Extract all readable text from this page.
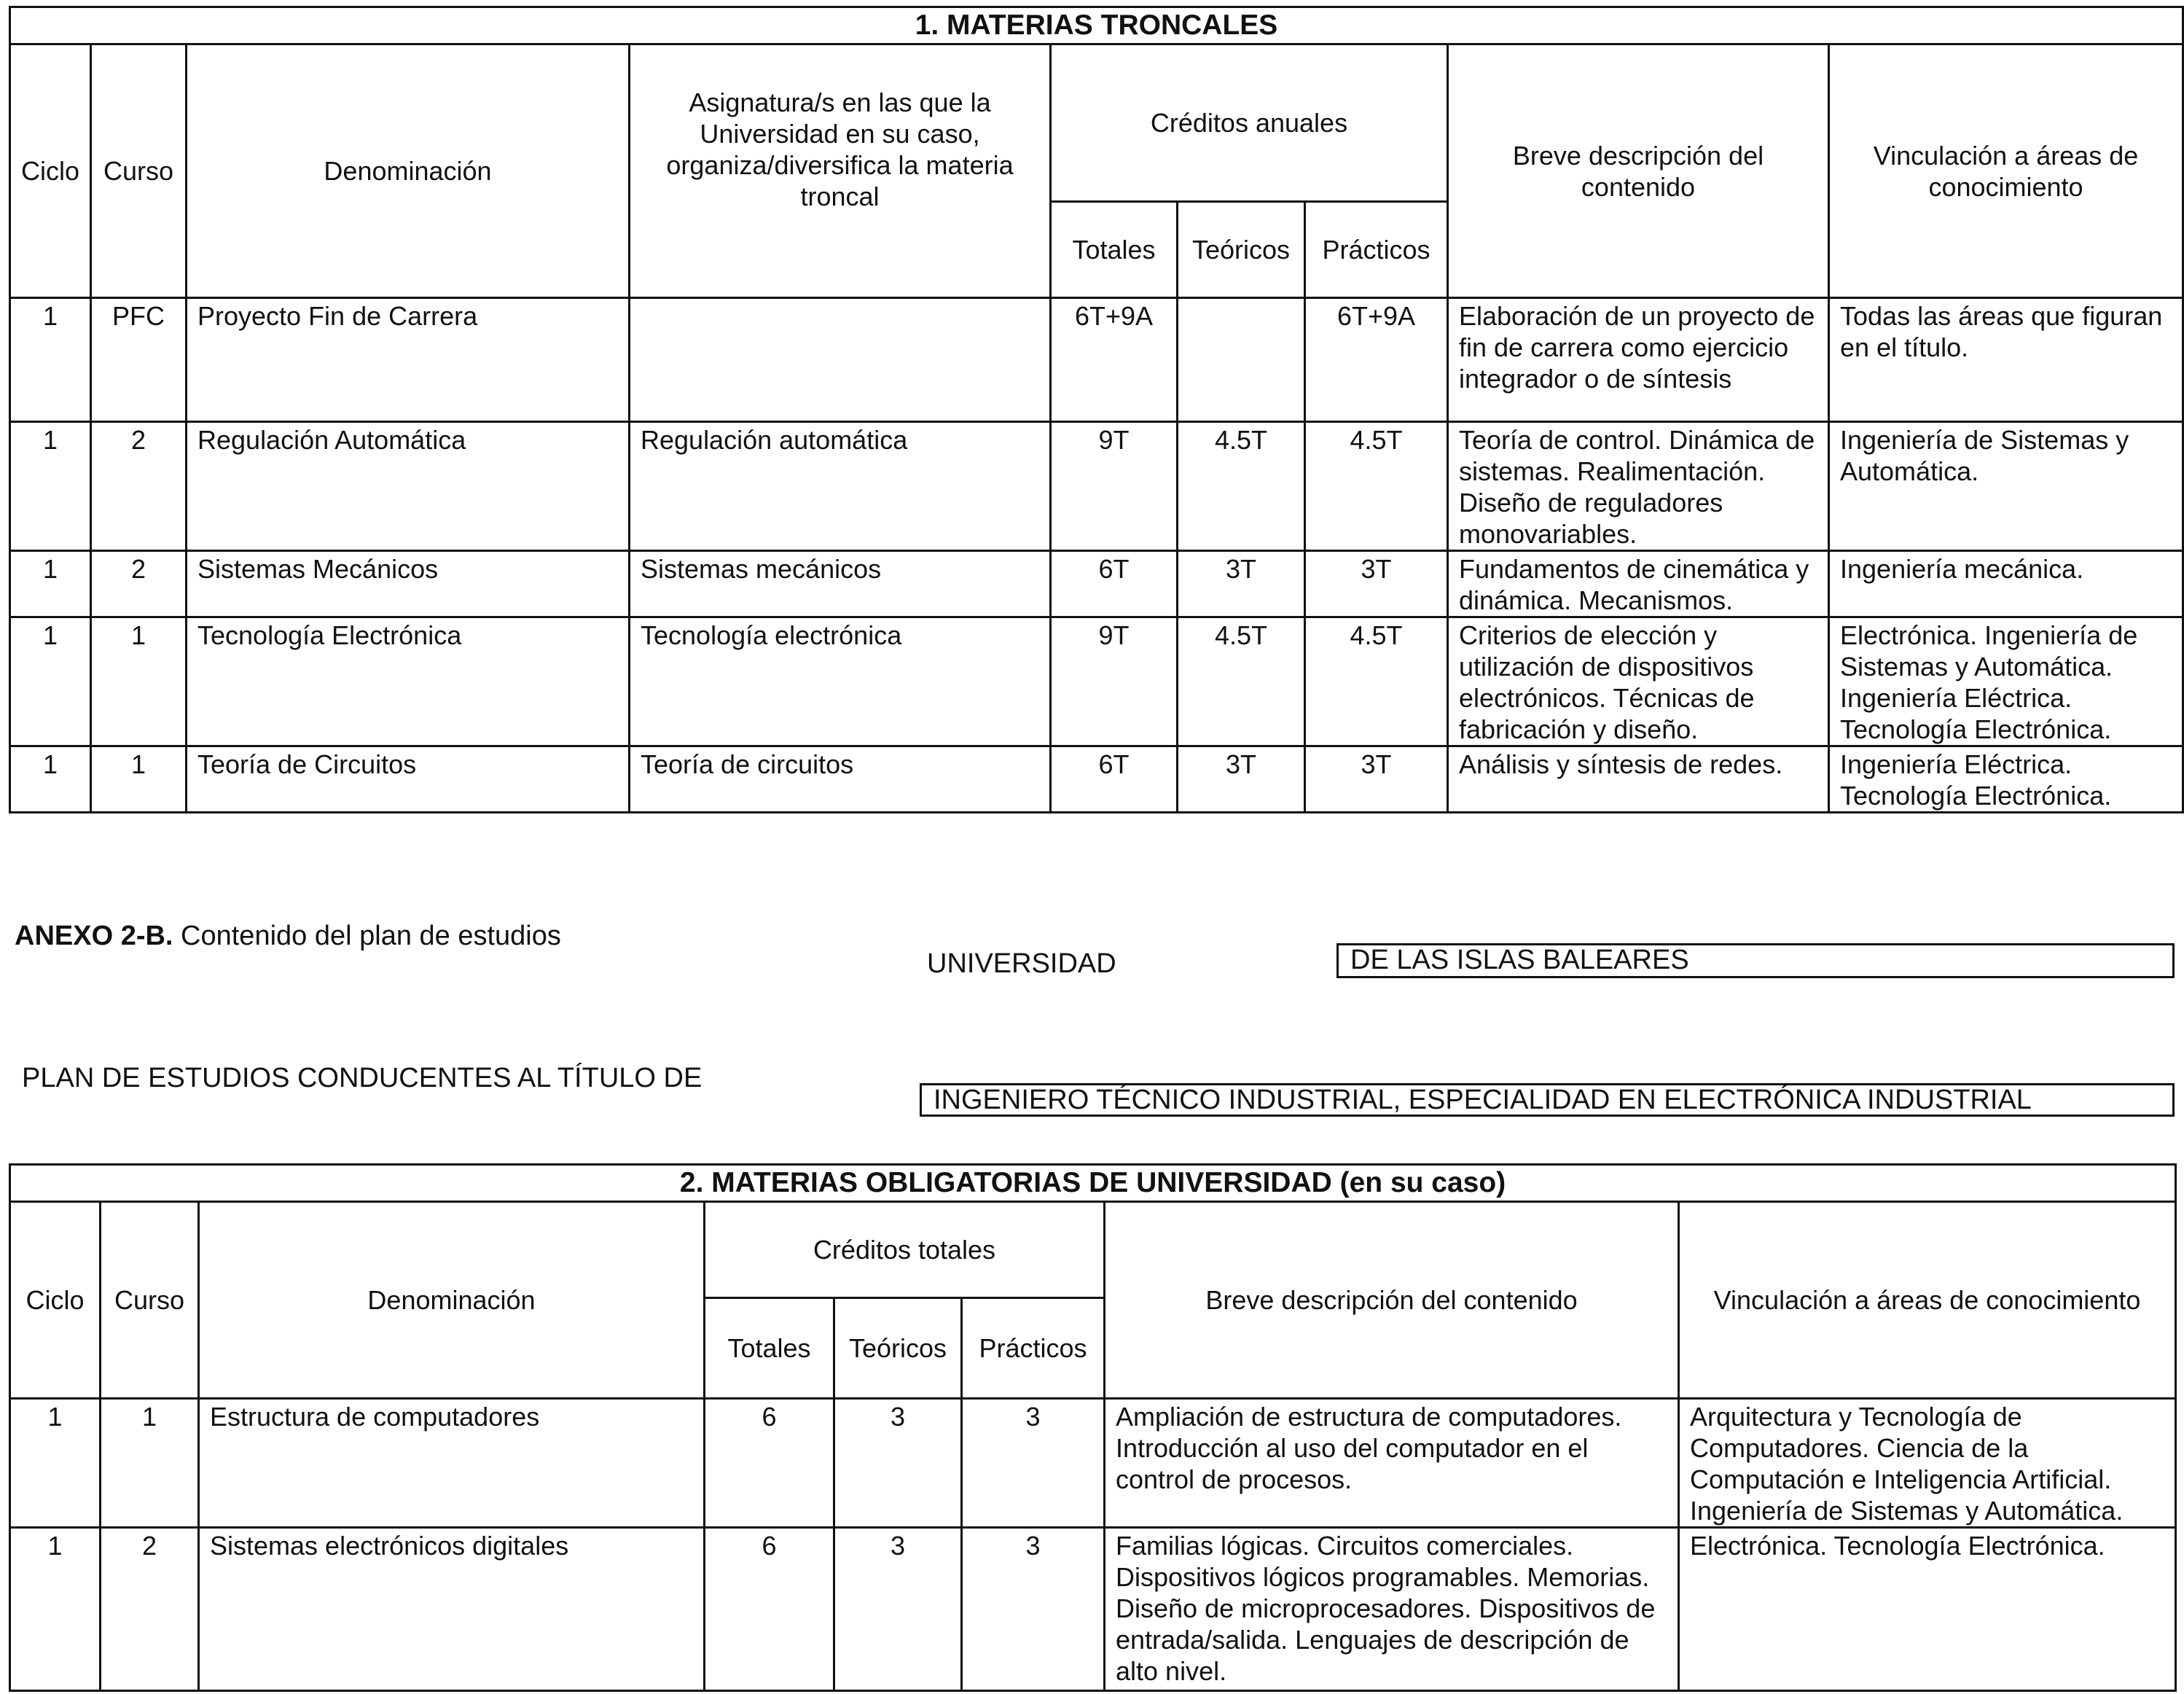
1. MATERIAS TRONCALES								
Ciclo	Curso	Denominación	Asignatura/s en las que la Universidad en su caso, organiza/diversifica la materia troncal	Créditos anuales			Breve descripción del contenido	Vinculación a áreas de conocimiento
				Totales	Teóricos	Prácticos		
1	PFC	Proyecto Fin de Carrera		6T+9A		6T+9A	Elaboración de un proyecto de fin de carrera como ejercicio integrador o de síntesis	Todas las áreas que figuran en el título.
1	2	Regulación Automática	Regulación automática	9T	4.5T	4.5T	Teoría de control. Dinámica de sistemas. Realimentación. Diseño de reguladores monovariables.	Ingeniería de Sistemas y Automática.
1	2	Sistemas Mecánicos	Sistemas mecánicos	6T	3T	3T	Fundamentos de cinemática y dinámica. Mecanismos.	Ingeniería mecánica.
1	1	Tecnología Electrónica	Tecnología electrónica	9T	4.5T	4.5T	Criterios de elección y utilización de dispositivos electrónicos. Técnicas de fabricación y diseño.	Electrónica. Ingeniería de Sistemas y Automática. Ingeniería Eléctrica. Tecnología Electrónica.
1	1	Teoría de Circuitos	Teoría de circuitos	6T	3T	3T	Análisis y síntesis de redes.	Ingeniería Eléctrica. Tecnología Electrónica.
ANEXO 2-B. Contenido del plan de estudios
UNIVERSIDAD	DE LAS ISLAS BALEARES
PLAN DE ESTUDIOS CONDUCENTES AL TÍTULO DE
INGENIERO TÉCNICO INDUSTRIAL, ESPECIALIDAD EN ELECTRÓNICA INDUSTRIAL
2. MATERIAS OBLIGATORIAS DE UNIVERSIDAD (en su caso)							
Ciclo	Curso	Denominación	Créditos totales			Breve descripción del contenido	Vinculación a áreas de conocimiento
			Totales	Teóricos	Prácticos		
1	1	Estructura de computadores	6	3	3	Ampliación de estructura de computadores. Introducción al uso del computador en el control de procesos.	Arquitectura y Tecnología de Computadores. Ciencia de la Computación e Inteligencia Artificial. Ingeniería de Sistemas y Automática.
1	2	Sistemas electrónicos digitales	6	3	3	Familias lógicas. Circuitos comerciales. Dispositivos lógicos programables. Memorias. Diseño de microprocesadores. Dispositivos de entrada/salida. Lenguajes de descripción de alto nivel.	Electrónica. Tecnología Electrónica.
